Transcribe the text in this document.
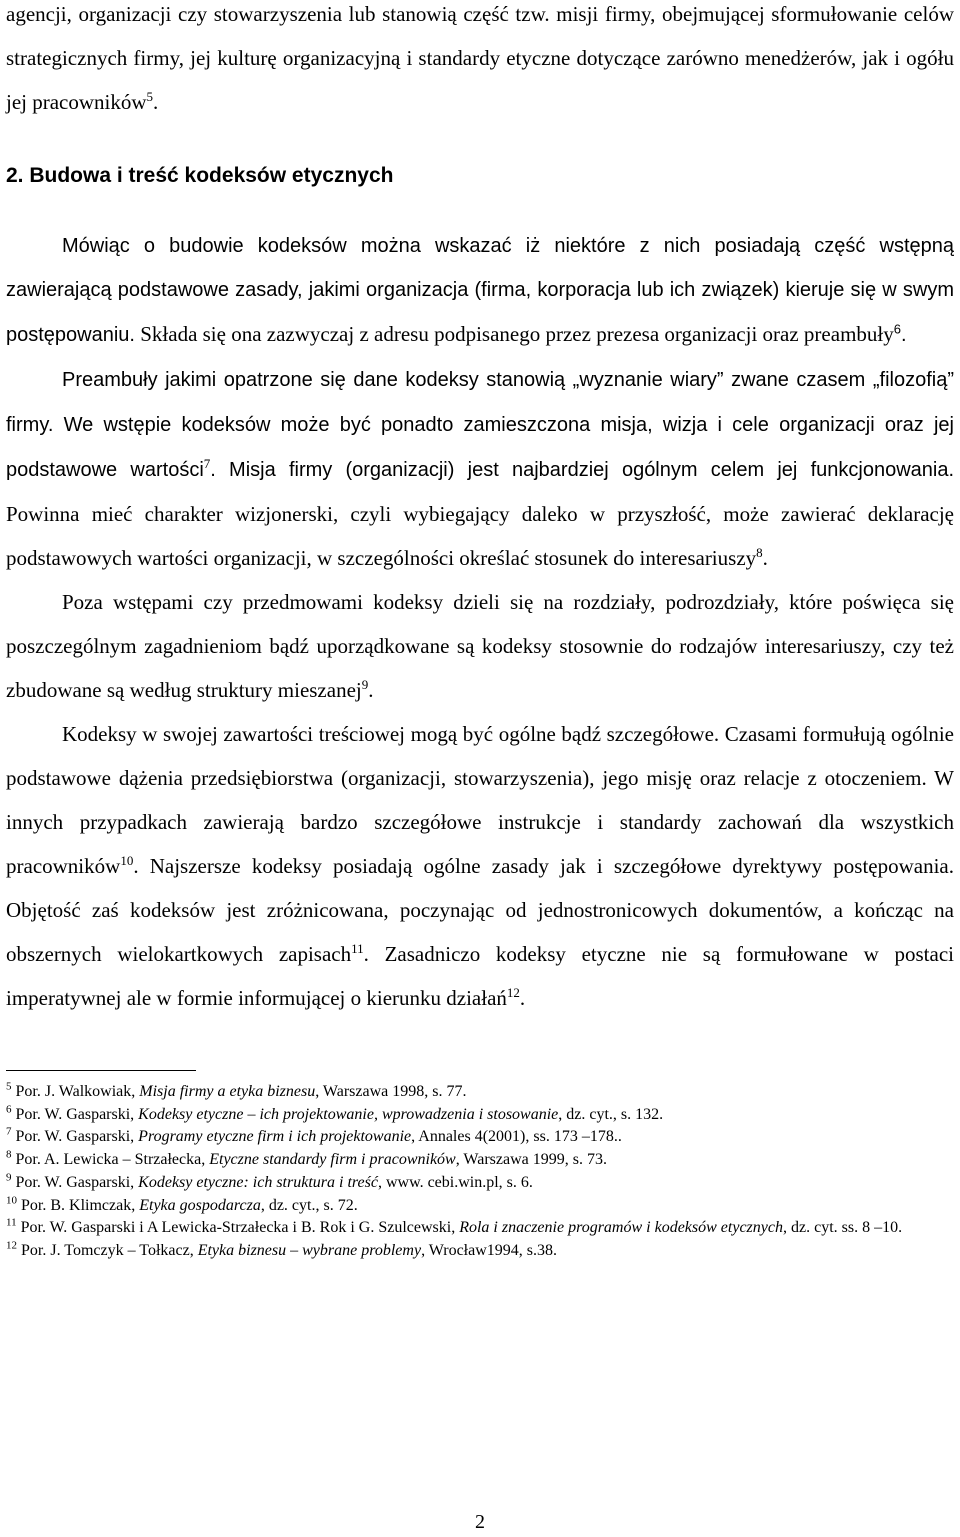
agencji, organizacji czy stowarzyszenia lub stanowią część tzw. misji firmy, obejmującej sformułowanie celów strategicznych firmy, jej kulturę organizacyjną i standardy etyczne dotyczące zarówno menedżerów, jak i ogółu jej pracowników$^5$.

2. Budowa i treść kodeksów etycznych

Mówiąc o budowie kodeksów można wskazać iż niektóre z nich posiadają część wstępną zawierającą podstawowe zasady, jakimi organizacja (firma, korporacja lub ich związek) kieruje się w swym postępowaniu. Składa się ona zazwyczaj z adresu podpisanego przez prezesa organizacji oraz preambuły$^6$.

Preambuły jakimi opatrzone się dane kodeksy stanowią „wyznanie wiary” zwane czasem „filozofią” firmy. We wstępie kodeksów może być ponadto zamieszczona misja, wizja i cele organizacji oraz jej podstawowe wartości$^7$. Misja firmy (organizacji) jest najbardziej ogólnym celem jej funkcjonowania. Powinna mieć charakter wizjonerski, czyli wybiegający daleko w przyszłość, może zawierać deklarację podstawowych wartości organizacji, w szczególności określać stosunek do interesariuszy$^8$.

Poza wstępami czy przedmowami kodeksy dzieli się na rozdziały, podrozdziały, które poświęca się poszczególnym zagadnieniom bądź uporządkowane są kodeksy stosownie do rodzajów interesariuszy, czy też zbudowane są według struktury mieszanej$^9$.

Kodeksy w swojej zawartości treściowej mogą być ogólne bądź szczegółowe. Czasami formułują ogólnie podstawowe dążenia przedsiębiorstwa (organizacji, stowarzyszenia), jego misję oraz relacje z otoczeniem. W innych przypadkach zawierają bardzo szczegółowe instrukcje i standardy zachowań dla wszystkich pracowników$^{10}$. Najszersze kodeksy posiadają ogólne zasady jak i szczegółowe dyrektywy postępowania. Objętość zaś kodeksów jest zróżnicowana, poczynając od jednostronicowych dokumentów, a kończąc na obszernych wielokartkowych zapisach$^{11}$. Zasadniczo kodeksy etyczne nie są formułowane w postaci imperatywnej ale w formie informującej o kierunku działań$^{12}$.

$^5$ Por. J. Walkowiak, Misja firmy a etyka biznesu, Warszawa 1998, s. 77.

$^6$ Por. W. Gasparski, Kodeksy etyczne – ich projektowanie, wprowadzenia i stosowanie, dz. cyt., s. 132.

$^7$ Por. W. Gasparski, Programy etyczne firm i ich projektowanie, Annales 4(2001), ss. 173 –178..

$^8$ Por. A. Lewicka – Strzałecka, Etyczne standardy firm i pracowników, Warszawa 1999, s. 73.

$^9$ Por. W. Gasparski, Kodeksy etyczne: ich struktura i treść, www. cebi.win.pl, s. 6.

$^{10}$ Por. B. Klimczak, Etyka gospodarcza, dz. cyt., s. 72.

$^{11}$ Por. W. Gasparski i A Lewicka-Strzałecka i B. Rok i G. Szulcewski, Rola i znaczenie programów i kodeksów etycznych, dz. cyt. ss. 8 –10.

$^{12}$ Por. J. Tomczyk – Tołkacz, Etyka biznesu – wybrane problemy, Wrocław1994, s.38.

2
